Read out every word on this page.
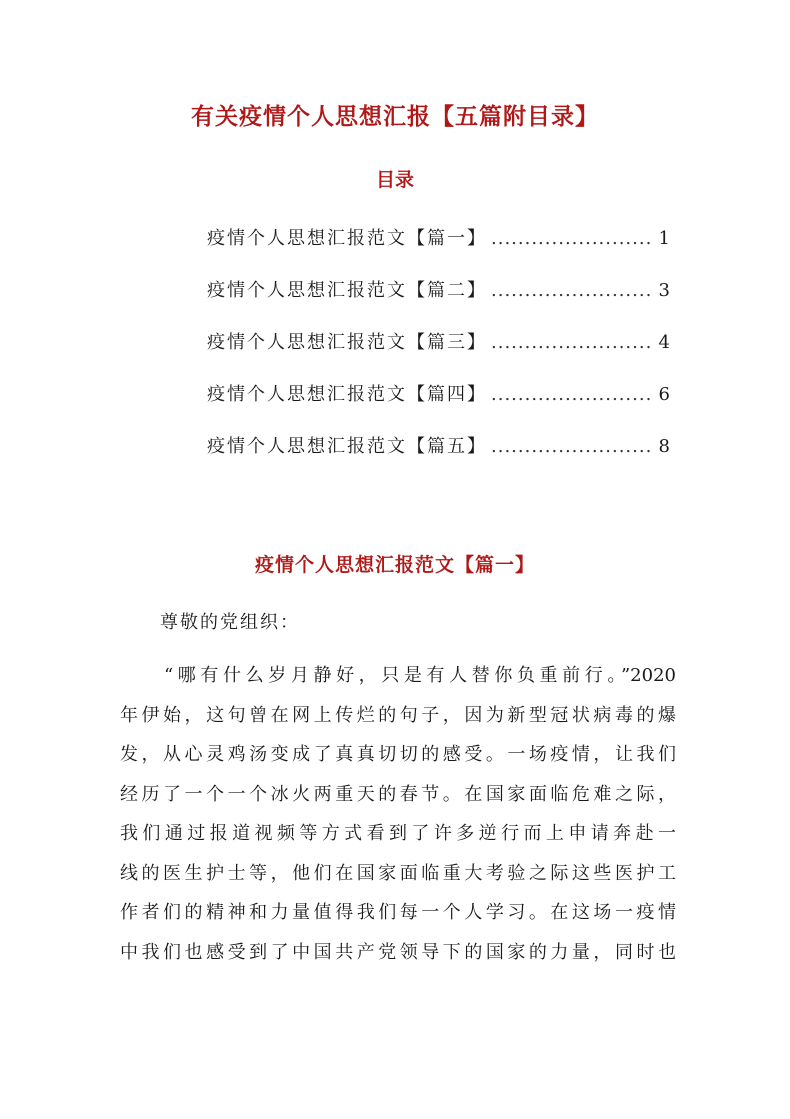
有关疫情个人思想汇报【五篇附目录】
目录
疫情个人思想汇报范文【篇一】 .....	1
疫情个人思想汇报范文【篇二】 .....	3
疫情个人思想汇报范文【篇三】 .....	4
疫情个人思想汇报范文【篇四】 .....	6
疫情个人思想汇报范文【篇五】 .....	8
疫情个人思想汇报范文【篇一】

尊敬的党组织：

“哪有什么岁月静好，只是有人替你负重前行。”2020
年伊始，这句曾在网上传烂的句子，因为新型冠状病毒的爆
发，从心灵鸡汤变成了真真切切的感受。一场疫情，让我们
经历了一个一个冰火两重天的春节。在国家面临危难之际，
我们通过报道视频等方式看到了许多逆行而上申请奔赴一
线的医生护士等，他们在国家面临重大考验之际这些医护工
作者们的精神和力量值得我们每一个人学习。在这场一疫情
中我们也感受到了中国共产党领导下的国家的力量，同时也
